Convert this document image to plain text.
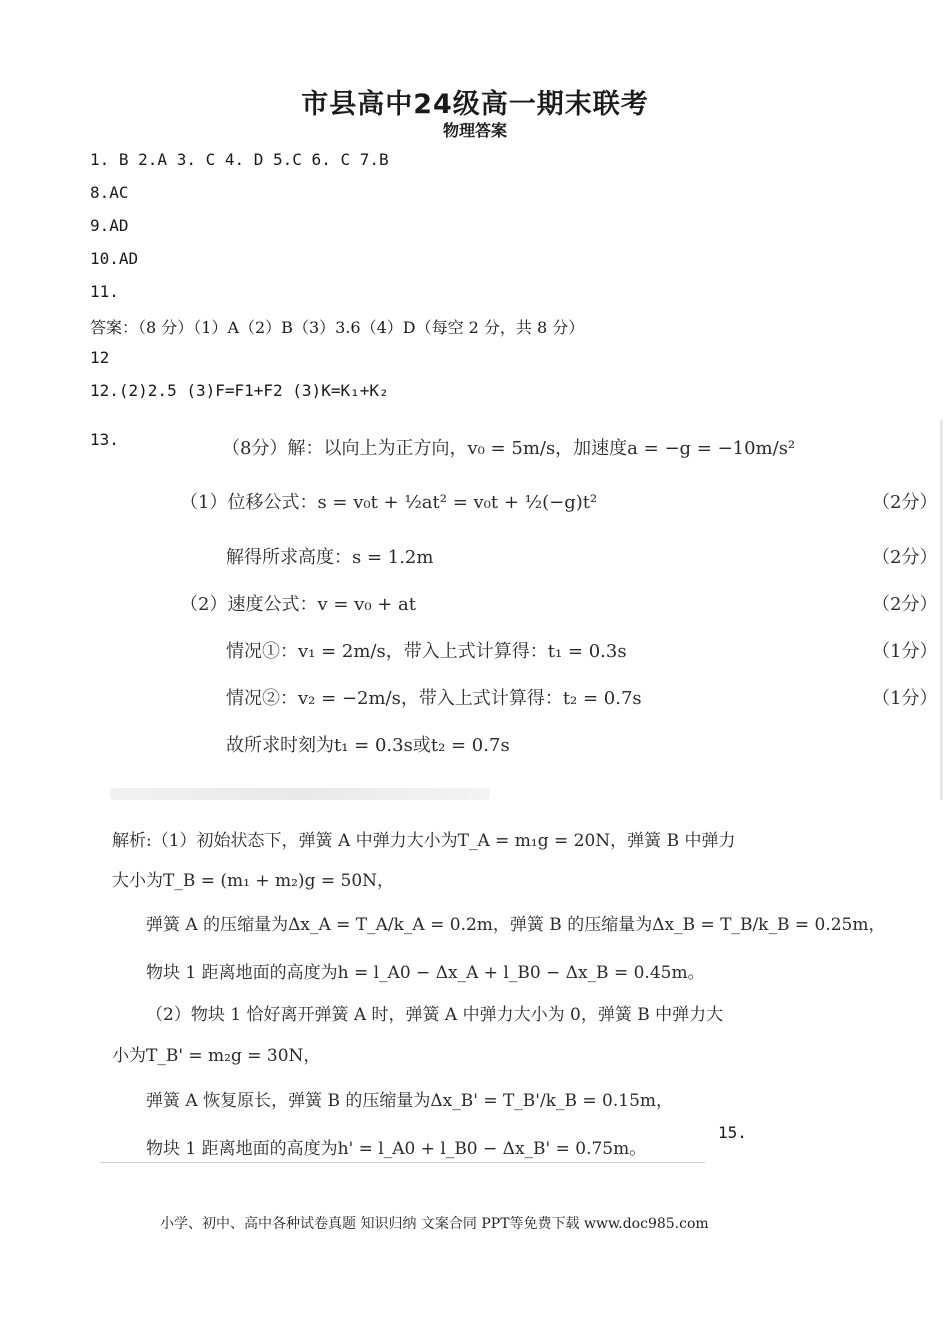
市县高中24级高一期末联考
物理答案
1. B 2.A 3. C 4. D 5.C 6. C 7.B
8.AC
9.AD
10.AD
11.
答案：（8 分）（1）A（2）B（3）3.6（4）D（每空 2 分，共 8 分）
12
12.(2)2.5 (3)F=F1+F2 (3)K=K₁+K₂
13.	（8分）解：以向上为正方向，v₀ = 5m/s，加速度a = −g = −10m/s²
（1）位移公式：s = v₀t + ½at² = v₀t + ½(−g)t²	（2分）
解得所求高度：s = 1.2m	（2分）
（2）速度公式：v = v₀ + at	（2分）
情况①：v₁ = 2m/s，带入上式计算得：t₁ = 0.3s	（1分）
情况②：v₂ = −2m/s，带入上式计算得：t₂ = 0.7s	（1分）
故所求时刻为t₁ = 0.3s或t₂ = 0.7s
解析:（1）初始状态下，弹簧 A 中弹力大小为T_A = m₁g = 20N，弹簧 B 中弹力
大小为T_B = (m₁ + m₂)g = 50N，
弹簧 A 的压缩量为Δx_A = T_A/k_A = 0.2m，弹簧 B 的压缩量为Δx_B = T_B/k_B = 0.25m，
物块 1 距离地面的高度为h = l_A0 − Δx_A + l_B0 − Δx_B = 0.45m。
（2）物块 1 恰好离开弹簧 A 时，弹簧 A 中弹力大小为 0，弹簧 B 中弹力大
小为T_B' = m₂g = 30N，
弹簧 A 恢复原长，弹簧 B 的压缩量为Δx_B' = T_B'/k_B = 0.15m，
物块 1 距离地面的高度为h' = l_A0 + l_B0 − Δx_B' = 0.75m。
15.
小学、初中、高中各种试卷真题 知识归纳 文案合同 PPT等免费下载 www.doc985.com
